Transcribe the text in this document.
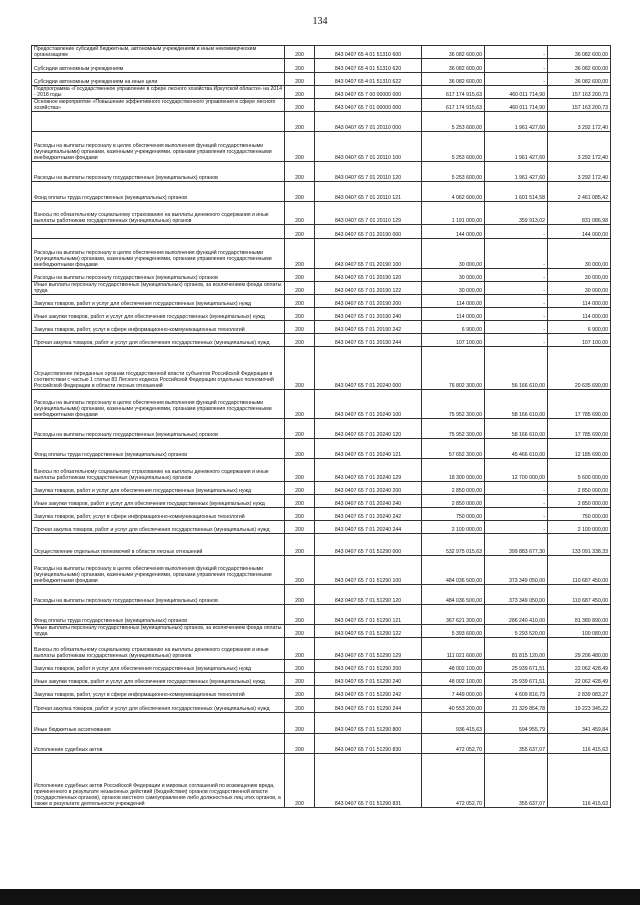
134
Предоставление субсидий бюджетным, автономным учреждениям и иным некоммерческим организациям	200	843 0407 65 4 01 51310 600	36 082 600,00	-	36 082 600,00
Субсидии автономным учреждениям	200	843 0407 65 4 01 51310 620	36 082 600,00	-	36 082 600,00
Субсидии автономным учреждениям на иные цели	200	843 0407 65 4 01 51310 622	36 082 600,00	-	36 082 600,00
Подпрограмма «Государственное управление в сфере лесного хозяйства Иркутской области» на 2014 - 2018 годы	200	843 0407 65 7 00 00000 000	617 174 915,63	460 011 714,90	157 163 200,73
Основное мероприятие «Повышение эффективного государственного управления в сфере лесного хозяйства»	200	843 0407 65 7 01 00000 000	617 174 915,63	460 011 714,90	157 163 200,73
	200	843 0407 65 7 01 20110 000	5 253 600,00	1 961 427,60	3 292 172,40
Расходы на выплаты персоналу в целях обеспечения выполнения функций государственными (муниципальными) органами, казенными учреждениями, органами управления государственными внебюджетными фондами	200	843 0407 65 7 01 20110 100	5 253 600,00	1 961 427,60	3 292 172,40
Расходы на выплаты персоналу государственных (муниципальных) органов	200	843 0407 65 7 01 20110 120	5 253 600,00	1 961 427,60	3 292 172,40
Фонд оплаты труда государственных (муниципальных) органов	200	843 0407 65 7 01 20110 121	4 062 600,00	1 601 514,58	2 461 085,42
Взносы по обязательному социальному страхованию на выплаты денежного содержания и иные выплаты работникам государственных (муниципальных) органов	200	843 0407 65 7 01 20110 129	1 191 000,00	359 913,02	831 086,98
	200	843 0407 65 7 01 20190 000	144 000,00	-	144 000,00
Расходы на выплаты персоналу в целях обеспечения выполнения функций государственными (муниципальными) органами, казенными учреждениями, органами управления государственными внебюджетными фондами	200	843 0407 65 7 01 20190 100	30 000,00	-	30 000,00
Расходы на выплаты персоналу государственных (муниципальных) органов	200	843 0407 65 7 01 20190 120	30 000,00	-	30 000,00
Иные выплаты персоналу государственных (муниципальных) органов, за исключением фонда оплаты труда	200	843 0407 65 7 01 20190 122	30 000,00	-	30 000,00
Закупка товаров, работ и услуг для обеспечения государственных (муниципальных) нужд	200	843 0407 65 7 01 20190 200	114 000,00	-	114 000,00
Иные закупки товаров, работ и услуг для обеспечения государственных (муниципальных) нужд	200	843 0407 65 7 01 20190 240	114 000,00	-	114 000,00
Закупка товаров, работ, услуг в сфере информационно-коммуникационных технологий	200	843 0407 65 7 01 20190 242	6 900,00	-	6 900,00
Прочая закупка товаров, работ и услуг для обеспечения государственных (муниципальных) нужд	200	843 0407 65 7 01 20190 244	107 100,00	-	107 100,00
Осуществление переданных органам государственной власти субъектов Российской Федерации в соответствии с частью 1 статьи 83 Лесного кодекса Российской Федерации отдельных полномочий Российской Федерации в области лесных отношений	200	843 0407 65 7 01 20240 000	76 802 300,00	56 166 610,00	20 635 690,00
Расходы на выплаты персоналу в целях обеспечения выполнения функций государственными (муниципальными) органами, казенными учреждениями, органами управления государственными внебюджетными фондами	200	843 0407 65 7 01 20240 100	75 952 300,00	58 166 610,00	17 785 690,00
Расходы на выплаты персоналу государственных (муниципальных) органов	200	843 0407 65 7 01 20240 120	75 952 300,00	58 166 610,00	17 785 690,00
Фонд оплаты труда государственных (муниципальных) органов	200	843 0407 65 7 01 20240 121	57 652 300,00	45 466 610,00	12 185 690,00
Взносы по обязательному социальному страхованию на выплаты денежного содержания и иные выплаты работникам государственных (муниципальных) органов	200	843 0407 65 7 01 20240 129	18 300 000,00	12 700 000,00	5 600 000,00
Закупка товаров, работ и услуг для обеспечения государственных (муниципальных) нужд	200	843 0407 65 7 01 20240 200	2 850 000,00	-	2 850 000,00
Иные закупки товаров, работ и услуг для обеспечения государственных (муниципальных) нужд	200	843 0407 65 7 01 20240 240	2 850 000,00	-	2 850 000,00
Закупка товаров, работ, услуг в сфере информационно-коммуникационных технологий	200	843 0407 65 7 01 20240 242	750 000,00	-	750 000,00
Прочая закупка товаров, работ и услуг для обеспечения государственных (муниципальных) нужд	200	843 0407 65 7 01 20240 244	2 100 000,00	-	2 100 000,00
Осуществление отдельных полномочий в области лесных отношений	200	843 0407 65 7 01 51290 000	532 975 015,63	399 883 677,30	133 091 338,33
Расходы на выплаты персоналу в целях обеспечения выполнения функций государственными (муниципальными) органами, казенными учреждениями, органами управления государственными внебюджетными фондами	200	843 0407 65 7 01 51290 100	484 036 500,00	373 349 050,00	110 687 450,00
Расходы на выплаты персоналу государственных (муниципальных) органов	200	843 0407 65 7 01 51290 120	484 036 500,00	373 349 050,00	110 687 450,00
Фонд оплаты труда государственных (муниципальных) органов	200	843 0407 65 7 01 51290 121	367 621 300,00	286 240 410,00	81 380 890,00
Иные выплаты персоналу государственных (муниципальных) органов, за исключением фонда оплаты труда	200	843 0407 65 7 01 51290 122	5 393 600,00	5 293 520,00	100 080,00
Взносы по обязательному социальному страхованию на выплаты денежного содержания и иные выплаты работникам государственных (муниципальных) органов	200	843 0407 65 7 01 51290 129	111 021 600,00	81 815 120,00	29 206 480,00
Закупка товаров, работ и услуг для обеспечения государственных (муниципальных) нужд	200	843 0407 65 7 01 51290 200	48 002 100,00	25 939 671,51	22 062 428,49
Иные закупки товаров, работ и услуг для обеспечения государственных (муниципальных) нужд	200	843 0407 65 7 01 51290 240	48 002 100,00	25 939 671,51	22 062 428,49
Закупка товаров, работ, услуг в сфере информационно-коммуникационных технологий	200	843 0407 65 7 01 51290 242	7 449 000,00	4 609 816,73	2 839 083,27
Прочая закупка товаров, работ и услуг для обеспечения государственных (муниципальных) нужд	200	843 0407 65 7 01 51290 244	40 553 200,00	21 329 854,78	19 223 345,22
Иные бюджетные ассигнования	200	843 0407 65 7 01 51290 800	936 415,63	594 955,79	341 459,84
Исполнение судебных актов	200	843 0407 65 7 01 51290 830	472 052,70	355 637,07	116 415,63
Исполнение судебных актов Российской Федерации и мировых соглашений по возмещению вреда, причиненного в результате незаконных действий (бездействия) органов государственной власти (государственных органов), органов местного самоуправления либо должностных лиц этих органов, а также в результате деятельности учреждений	200	843 0407 65 7 01 51290 831	472 052,70	355 637,07	116 415,63
